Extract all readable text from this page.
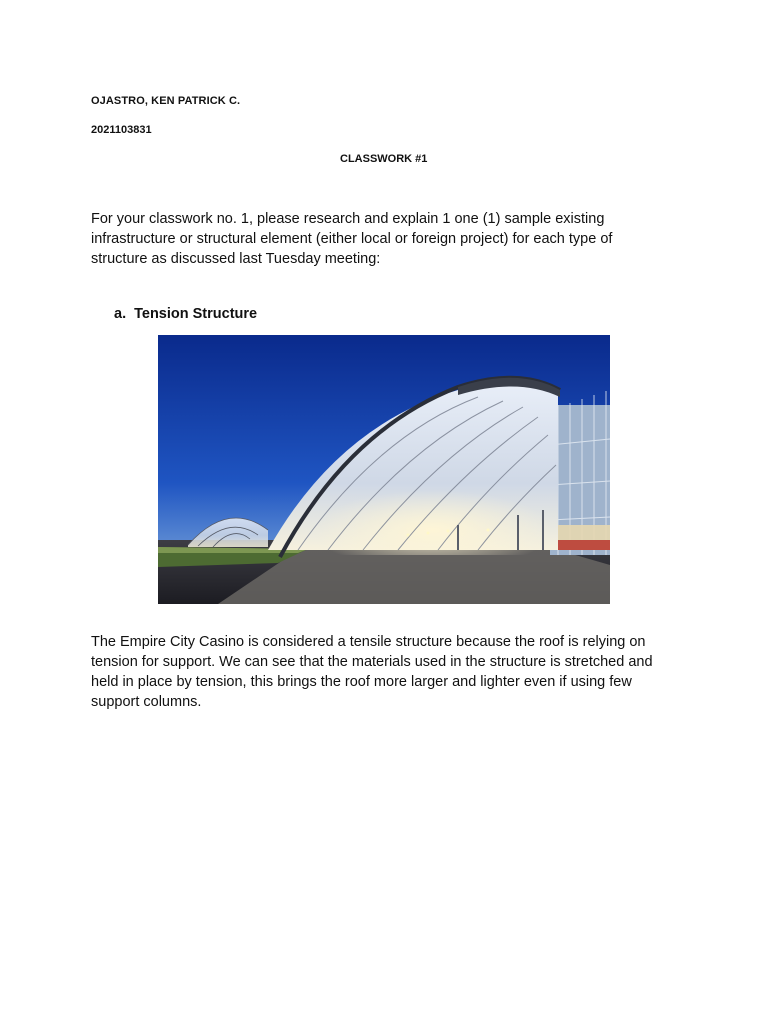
OJASTRO, KEN PATRICK C.
2021103831
CLASSWORK #1

For your classwork no. 1, please research and explain 1 one (1) sample existing infrastructure or structural element (either local or foreign project) for each type of structure as discussed last Tuesday meeting:

a. Tension Structure

The Empire City Casino is considered a tensile structure because the roof is relying on tension for support. We can see that the materials used in the structure is stretched and held in place by tension, this brings the roof more larger and lighter even if using few support columns.
